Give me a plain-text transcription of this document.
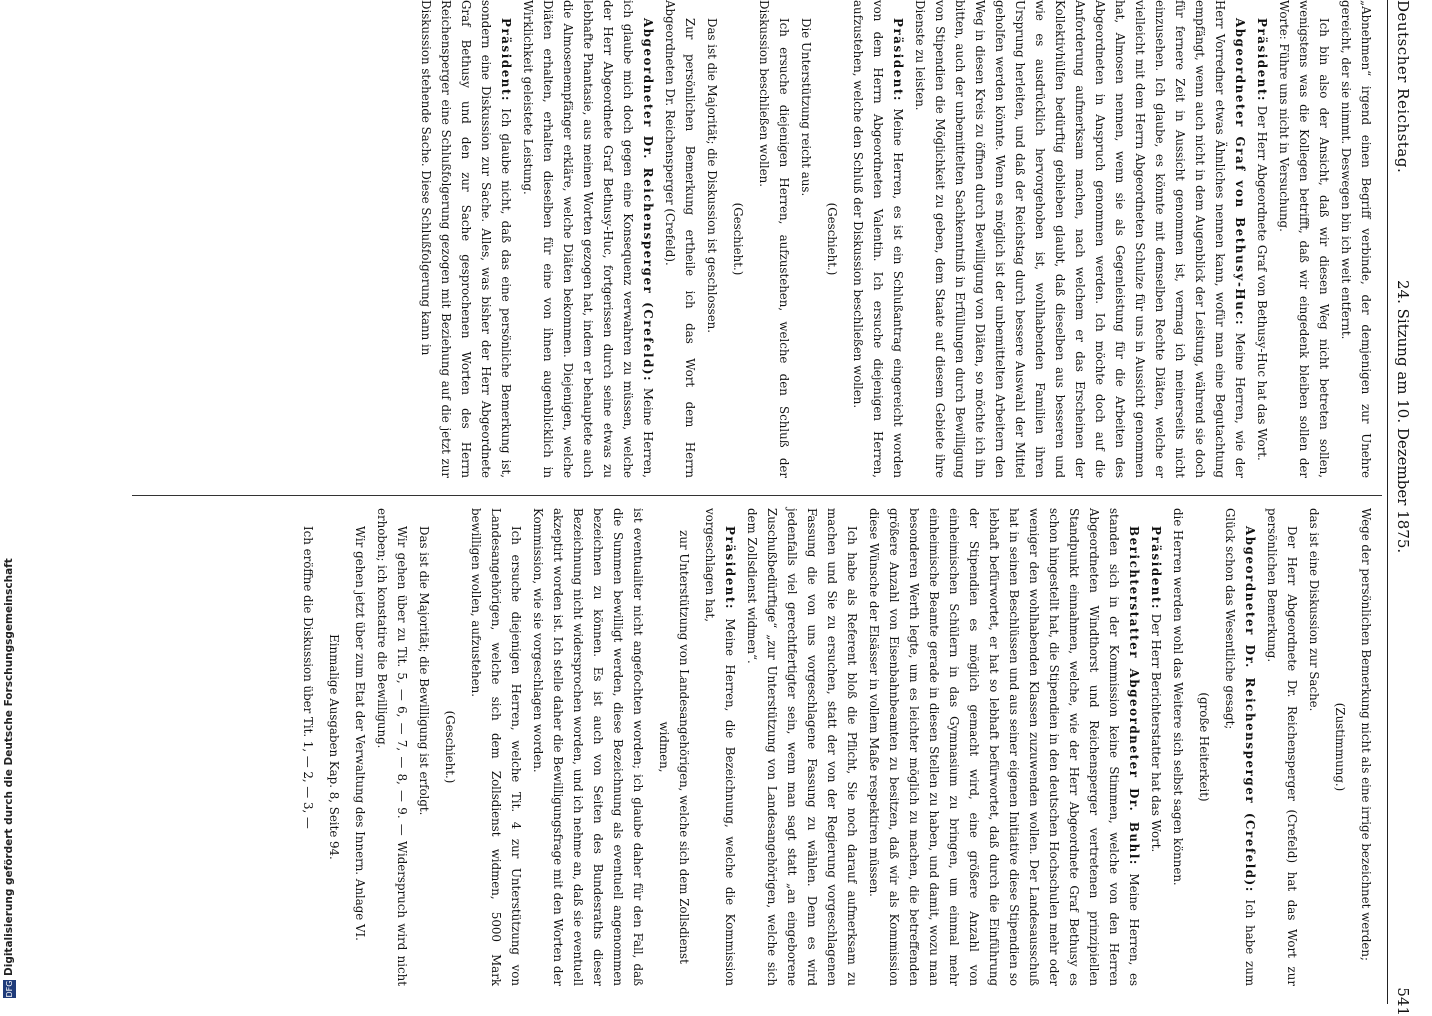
Deutscher Reichstag.
24. Sitzung am 10. Dezember 1875.
541

„Abnehmen“ irgend einen Begriff verbinde, der demjenigen zur Unehre gereicht, der sie nimmt. Deswegen bin ich weit entfernt.

Ich bin also der Ansicht, daß wir diesen Weg nicht betreten sollen, wenigstens was die Kollegen betrifft, daß wir eingedenk bleiben sollen der Worte: Führe uns nicht in Versuchung.

Präsident: Der Herr Abgeordnete Graf von Bethusy-Huc hat das Wort.

Abgeordneter Graf von Bethusy-Huc: Meine Herren, wie der Herr Vorredner etwas Ähnliches nennen kann, wofür man eine Begutachtung empfängt, wenn auch nicht in dem Augenblick der Leistung, während sie doch für fernere Zeit in Aussicht genommen ist, vermag ich meinerseits nicht einzusehen. Ich glaube, es könnte mit demselben Rechte Diäten, welche er vielleicht mit dem Herrn Abgeordneten Schulze für uns in Aussicht genommen hat, Almosen nennen, wenn sie als Gegenleistung für die Arbeiten des Abgeordneten in Anspruch genommen werden. Ich möchte doch auf die Anforderung aufmerksam machen, nach welchem er das Erscheinen der Kollektivhülfen bedürftig geblieben glaubt, daß dieselben aus besseren und wie es ausdrücklich hervorgehoben ist, wohlhabenden Familien ihren Ursprung herleiten, und daß der Reichstag durch bessere Auswahl der Mittel geholfen werden könnte. Wenn es möglich ist der unbemittelten Arbeitern den Weg in diesen Kreis zu öffnen durch Bewilligung von Diäten, so möchte ich ihn bitten, auch der unbemittelten Sachkenntniß in Erfüllungen durch Bewilligung von Stipendien die Möglichkeit zu geben, dem Staate auf diesem Gebiete ihre Dienste zu leisten.

Präsident: Meine Herren, es ist ein Schlußantrag eingereicht worden von dem Herrn Abgeordneten Valentin. Ich ersuche diejenigen Herren, aufzustehen, welche den Schluß der Diskussion beschließen wollen.

(Geschieht.)

Die Unterstützung reicht aus.

Ich ersuche diejenigen Herren, aufzustehen, welche den Schluß der Diskussion beschließen wollen.

(Geschieht.)

Das ist die Majorität; die Diskussion ist geschlossen.

Zur persönlichen Bemerkung ertheile ich das Wort dem Herrn Abgeordneten Dr. Reichensperger (Crefeld).

Abgeordneter Dr. Reichensperger (Crefeld): Meine Herren, ich glaube mich doch gegen eine Konsequenz verwahren zu müssen, welche der Herr Abgeordnete Graf Bethusy-Huc, fortgerissen durch seine etwas zu lebhafte Phantasie, aus meinen Worten gezogen hat, indem er behauptete auch die Almosenempfänger erkläre, welche Diäten bekommen. Diejenigen, welche Diäten erhalten, erhalten dieselben für eine von ihnen augenblicklich in Wirklichkeit geleistete Leistung.

Präsident: Ich glaube nicht, daß das eine persönliche Bemerkung ist, sondern eine Diskussion zur Sache. Alles, was bisher der Herr Abgeordnete Graf Bethusy und den zur Sache gesprochenen Worten des Herrn Reichensperger eine Schlußfolgerung gezogen mit Beziehung auf die jetzt zur Diskussion stehende Sache. Diese Schlußfolgerung kann in

Wege der persönlichen Bemerkung nicht als eine irrige bezeichnet werden;

(Zustimmung.)

das ist eine Diskussion zur Sache.

Der Herr Abgeordnete Dr. Reichensperger (Crefeld) hat das Wort zur persönlichen Bemerkung.

Abgeordneter Dr. Reichensperger (Crefeld): Ich habe zum Glück schon das Wesentliche gesagt;

(große Heiterkeit)

die Herren werden wohl das Weitere sich selbst sagen können.

Präsident: Der Herr Berichterstatter hat das Wort.

Berichterstatter Abgeordneter Dr. Buhl: Meine Herren, es standen sich in der Kommission keine Stimmen, welche von den Herren Abgeordneten Windthorst und Reichensperger vertretenen prinzipiellen Standpunkt einnahmen, welche, wie der Herr Abgeordnete Graf Bethusy es schon hingestellt hat, die Stipendien in den deutschen Hochschulen mehr oder weniger den wohlhabenden Klassen zuzuwenden wollen. Der Landesausschuß hat in seinen Beschlüssen und aus seiner eigenen Initiative diese Stipendien so lebhaft befürwortet, er hat so lebhaft befürwortet, daß durch die Einführung der Stipendien es möglich gemacht wird, eine größere Anzahl von einheimischen Schülern in das Gymnasium zu bringen, um einmal mehr einheimische Beamte gerade in diesen Stellen zu haben, und damit, wozu man besonderen Werth legte, um es leichter möglich zu machen, die betreffenden größere Anzahl von Eisenbahnbeamten zu besitzen, daß wir als Kommission diese Wünsche der Elsässer in vollem Maße respektiren müssen.

Ich habe als Referent bloß die Pflicht, Sie noch darauf aufmerksam zu machen und Sie zu ersuchen, statt der von der Regierung vorgeschlagenen Fassung die von uns vorgeschlagene Fassung zu wählen. Denn es wird jedenfalls viel gerechtfertigter sein, wenn man sagt statt „an eingeborene Zuschußbedürftige“ „zur Unterstützung von Landesangehörigen, welche sich dem Zollsdienst widmen“.

Präsident: Meine Herren, die Bezeichnung, welche die Kommission vorgeschlagen hat,

zur Unterstützung von Landesangehörigen, welche sich dem Zollsdienst widmen,

ist eventualiter nicht angefochten worden; ich glaube daher für den Fall, daß die Summen bewilligt werden, diese Bezeichnung als eventuell angenommen bezeichnen zu können. Es ist auch von Seiten des Bundesraths dieser Bezeichnung nicht widersprochen worden, und ich nehme an, daß sie eventuell akzeptirt worden ist. Ich stelle daher die Bewilligungsfrage mit den Worten der Kommission, wie sie vorgeschlagen worden.

Ich ersuche diejenigen Herren, welche Tit. 4 zur Unterstützung von Landesangehörigen, welche sich dem Zollsdienst widmen, 5000 Mark bewilligen wollen, aufzustehen.

(Geschieht.)

Das ist die Majorität; die Bewilligung ist erfolgt.

Wir gehen über zu Tit. 5, — 6, — 7, — 8, — 9. — Widerspruch wird nicht erhoben; ich konstatire die Bewilligung.

Wir gehen jetzt über zum Etat der Verwaltung des Innern. Anlage VI.

Einmalige Ausgaben Kap. 8, Seite 94.

Ich eröffne die Diskussion über Tit. 1, — 2, — 3, —

DFG
Digitalisierung gefördert durch die Deutsche Forschungsgemeinschaft
